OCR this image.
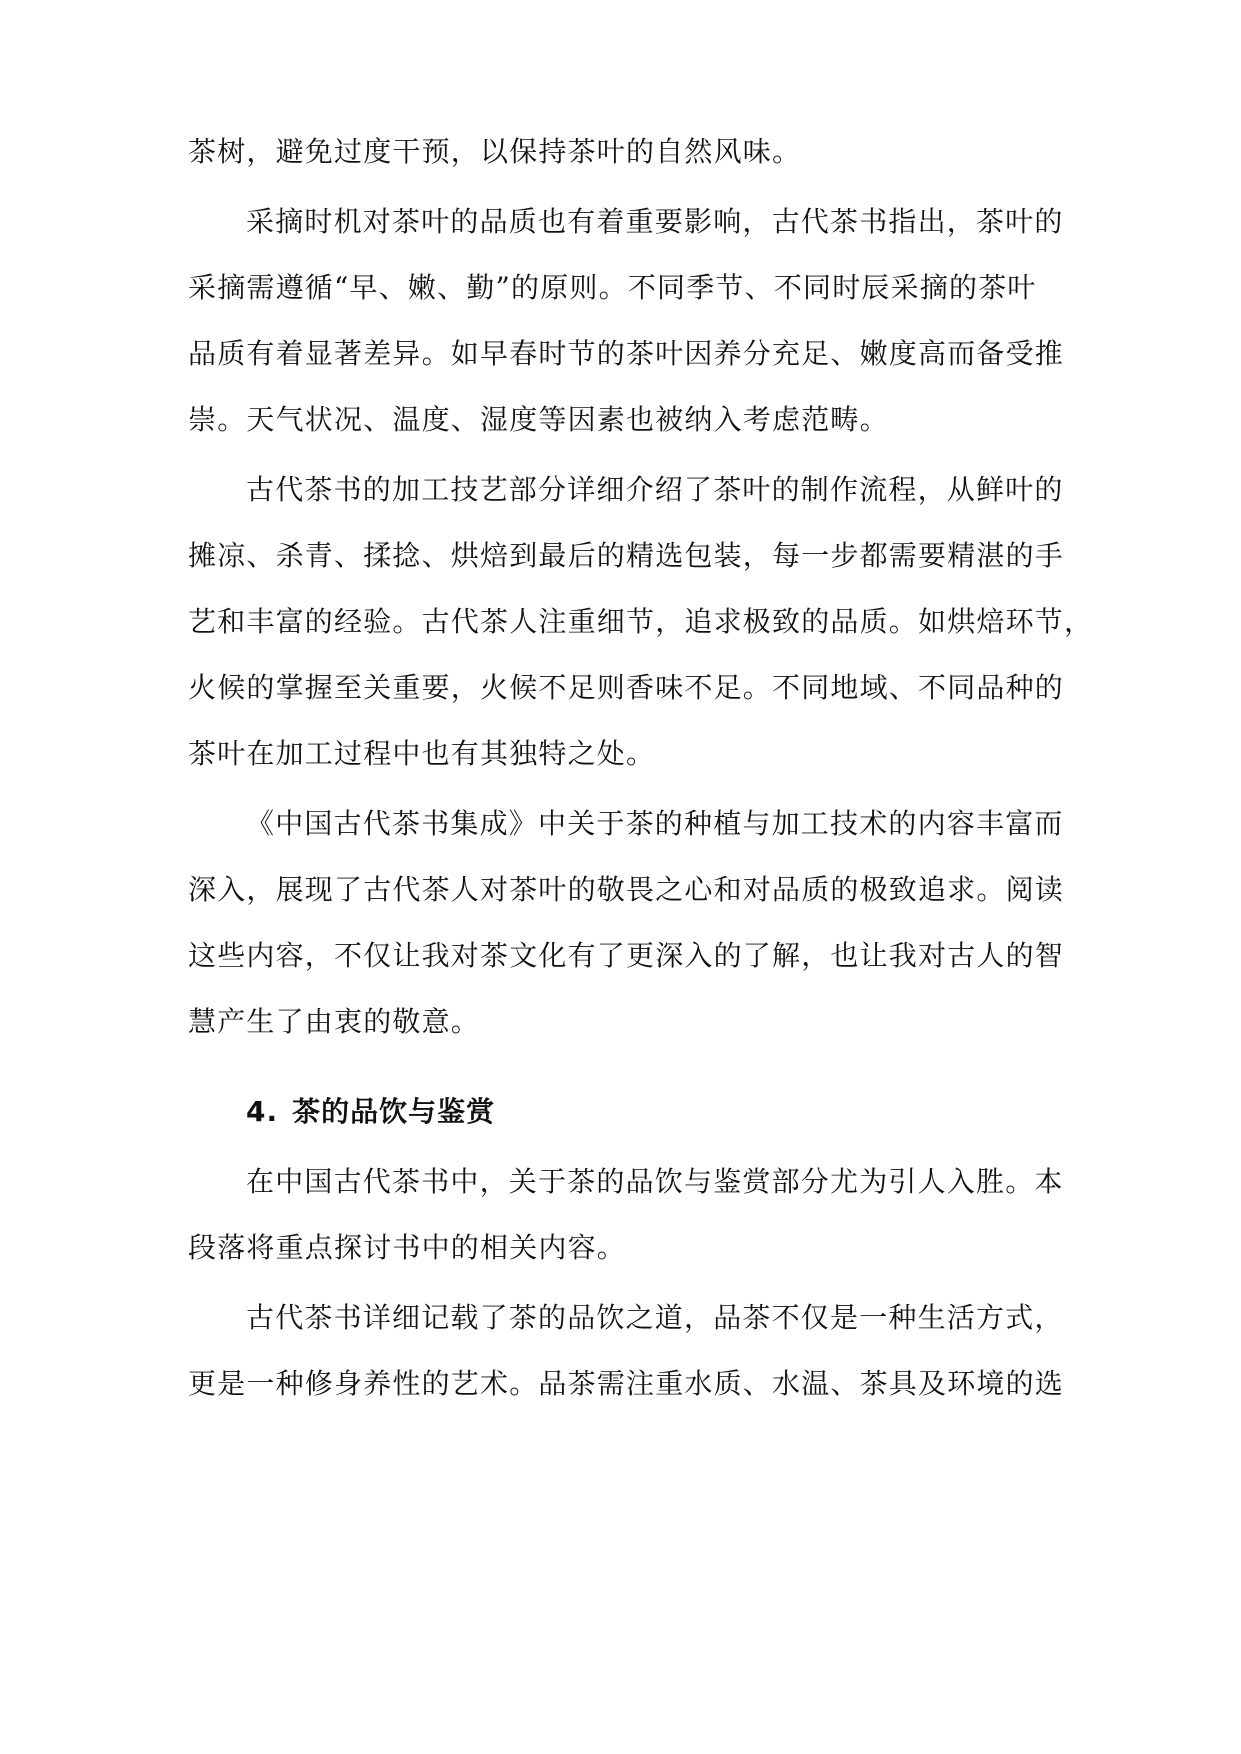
茶树，避免过度干预，以保持茶叶的自然风味。
采摘时机对茶叶的品质也有着重要影响，古代茶书指出，茶叶的
采摘需遵循“早、嫩、勤”的原则。不同季节、不同时辰采摘的茶叶
品质有着显著差异。如早春时节的茶叶因养分充足、嫩度高而备受推
崇。天气状况、温度、湿度等因素也被纳入考虑范畴。
古代茶书的加工技艺部分详细介绍了茶叶的制作流程，从鲜叶的
摊凉、杀青、揉捻、烘焙到最后的精选包装，每一步都需要精湛的手
艺和丰富的经验。古代茶人注重细节，追求极致的品质。如烘焙环节，
火候的掌握至关重要，火候不足则香味不足。不同地域、不同品种的
茶叶在加工过程中也有其独特之处。
《中国古代茶书集成》中关于茶的种植与加工技术的内容丰富而
深入，展现了古代茶人对茶叶的敬畏之心和对品质的极致追求。阅读
这些内容，不仅让我对茶文化有了更深入的了解，也让我对古人的智
慧产生了由衷的敬意。
4. 茶的品饮与鉴赏
在中国古代茶书中，关于茶的品饮与鉴赏部分尤为引人入胜。本
段落将重点探讨书中的相关内容。
古代茶书详细记载了茶的品饮之道，品茶不仅是一种生活方式，
更是一种修身养性的艺术。品茶需注重水质、水温、茶具及环境的选
